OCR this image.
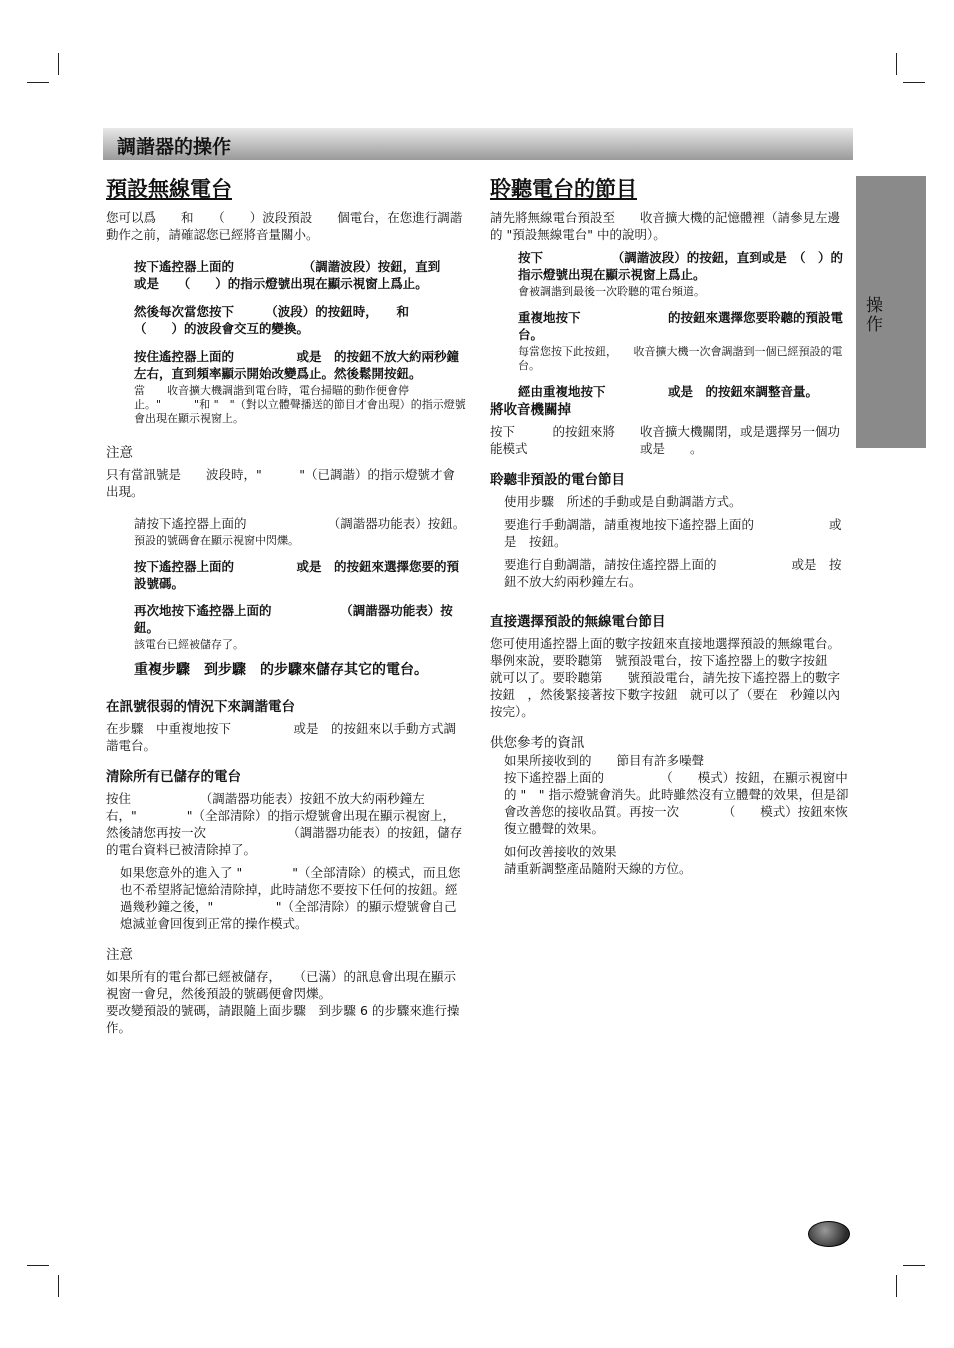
調諧器的操作
操作
預設無線電台

您可以爲　　和　　（　　）波段預設　　個電台，在您進行調諧動作之前，請確認您已經將音量關小。

按下遙控器上面的　　　　　　（調諧波段）按鈕，直到　　或是　　（　　）的指示燈號出現在顯示視窗上爲止。

然後每次當您按下　　　（波段）的按鈕時，　　和　　（　　）的波段會交互的變換。

按住遙控器上面的　　　　　或是　的按鈕不放大約兩秒鐘左右，直到頻率顯示開始改變爲止。然後鬆開按鈕。

當　　收音擴大機調諧到電台時，電台掃瞄的動作便會停止。"　　　"和 "　"（對以立體聲播送的節目才會出現）的指示燈號會出現在顯示視窗上。

注意

只有當訊號是　　波段時，"　　　"（已調諧）的指示燈號才會出現。

請按下遙控器上面的　　　　　　　（調諧器功能表）按鈕。

預設的號碼會在顯示視窗中閃爍。

按下遙控器上面的　　　　　或是　的按鈕來選擇您要的預設號碼。

再次地按下遙控器上面的　　　　　　（調諧器功能表）按鈕。

該電台已經被儲存了。

重複步驟　到步驟　的步驟來儲存其它的電台。

在訊號很弱的情況下來調諧電台

在步驟　中重複地按下　　　　　或是　的按鈕來以手動方式調諧電台。

清除所有已儲存的電台

按住　　　　　　（調諧器功能表）按鈕不放大約兩秒鐘左右，"　　　　"（全部清除）的指示燈號會出現在顯示視窗上，然後請您再按一次　　　　　　　（調諧器功能表）的按鈕，儲存的電台資料已被清除掉了。

如果您意外的進入了 "　　　　"（全部清除）的模式，而且您也不希望將記憶給清除掉，此時請您不要按下任何的按鈕。經過幾秒鐘之後，"　　　　　"（全部清除）的顯示燈號會自己熄滅並會回復到正常的操作模式。

注意

如果所有的電台都已經被儲存，　　（已滿）的訊息會出現在顯示視窗一會兒，然後預設的號碼便會閃爍。

要改變預設的號碼，請跟隨上面步驟　到步驟 6 的步驟來進行操作。

聆聽電台的節目

請先將無線電台預設至　　收音擴大機的記憶體裡（請參見左邊的 "預設無線電台" 中的說明）。

按下　　　　　　（調諧波段）的按鈕，直到或是　（　）的指示燈號出現在顯示視窗上爲止。

會被調諧到最後一次聆聽的電台頻道。

重複地按下　　　　　　　的按鈕來選擇您要聆聽的預設電台。

每當您按下此按鈕，　　收音擴大機一次會調諧到一個已經預設的電台。

經由重複地按下　　　　　或是　的按鈕來調整音量。

將收音機關掉

按下　　　的按鈕來將　　收音擴大機關閉，或是選擇另一個功能模式　　　　　　　　　或是　　。

聆聽非預設的電台節目

使用步驟　所述的手動或是自動調諧方式。

要進行手動調諧，請重複地按下遙控器上面的　　　　　　或是　按鈕。

要進行自動調諧，請按住遙控器上面的　　　　　　或是　按鈕不放大約兩秒鐘左右。

直接選擇預設的無線電台節目

您可使用遙控器上面的數字按鈕來直接地選擇預設的無線電台。

舉例來說，要聆聽第　號預設電台，按下遙控器上的數字按鈕　就可以了。要聆聽第　　號預設電台，請先按下遙控器上的數字按鈕　，然後緊接著按下數字按鈕　就可以了（要在　秒鐘以內按完）。

供您參考的資訊

如果所接收到的　　節目有許多噪聲

按下遙控器上面的　　　　　（　　模式）按鈕，在顯示視窗中的 "　" 指示燈號會消失。此時雖然沒有立體聲的效果，但是卻會改善您的接收品質。再按一次　　　　（　　模式）按鈕來恢復立體聲的效果。

如何改善接收的效果

請重新調整產品隨附天線的方位。
